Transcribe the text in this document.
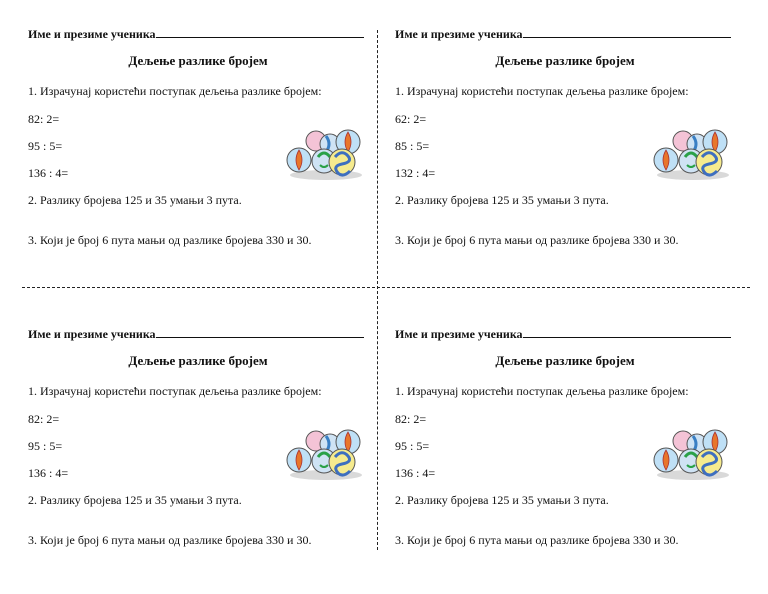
Име и презиме ученика
Дељење разлике бројем
1. Израчунај користећи поступак дељења разлике бројем:
82: 2=
95 : 5=
136 : 4=
2. Разлику бројева 125 и 35 умањи 3 пута.
3. Који је број 6 пута мањи од разлике бројева 330 и 30.
Име и презиме ученика
Дељење разлике бројем
1. Израчунај користећи поступак дељења разлике бројем:
62: 2=
85 : 5=
132 : 4=
2. Разлику бројева 125 и 35 умањи 3 пута.
3. Који је број 6 пута мањи од разлике бројева 330 и 30.
Име и презиме ученика
Дељење разлике бројем
1. Израчунај користећи поступак дељења разлике бројем:
82: 2=
95 : 5=
136 : 4=
2. Разлику бројева 125 и 35 умањи 3 пута.
3. Који је број 6 пута мањи од разлике бројева 330 и 30.
Име и презиме ученика
Дељење разлике бројем
1. Израчунај користећи поступак дељења разлике бројем:
82: 2=
95 : 5=
136 : 4=
2. Разлику бројева 125 и 35 умањи 3 пута.
3. Који је број 6 пута мањи од разлике бројева 330 и 30.
